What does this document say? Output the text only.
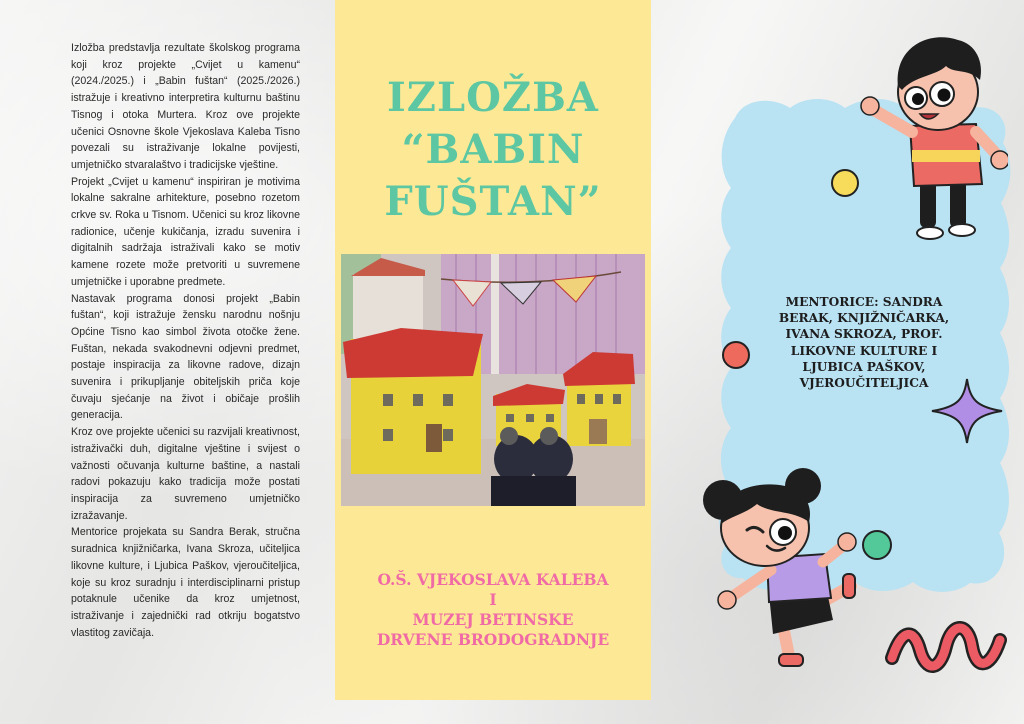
Izložba predstavlja rezultate školskog programa koji kroz projekte „Cvijet u kamenu“ (2024./2025.) i „Babin fuštan“ (2025./2026.) istražuje i kreativno interpretira kulturnu baštinu Tisnog i otoka Murtera. Kroz ove projekte učenici Osnovne škole Vjekoslava Kaleba Tisno povezali su istraživanje lokalne povijesti, umjetničko stvaralaštvo i tradicijske vještine.

Projekt „Cvijet u kamenu“ inspiriran je motivima lokalne sakralne arhitekture, posebno rozetom crkve sv. Roka u Tisnom. Učenici su kroz likovne radionice, učenje kukičanja, izradu suvenira i digitalnih sadržaja istraživali kako se motiv kamene rozete može pretvoriti u suvremene umjetničke i uporabne predmete.

Nastavak programa donosi projekt „Babin fuštan“, koji istražuje žensku narodnu nošnju Općine Tisno kao simbol života otočke žene. Fuštan, nekada svakodnevni odjevni predmet, postaje inspiracija za likovne radove, dizajn suvenira i prikupljanje obiteljskih priča koje čuvaju sjećanje na život i običaje prošlih generacija.

Kroz ove projekte učenici su razvijali kreativnost, istraživački duh, digitalne vještine i svijest o važnosti očuvanja kulturne baštine, a nastali radovi pokazuju kako tradicija može postati inspiracija za suvremeno umjetničko izražavanje.

Mentorice projekata su Sandra Berak, stručna suradnica knjižničarka, Ivana Skroza, učiteljica likovne kulture, i Ljubica Paškov, vjeroučiteljica, koje su kroz suradnju i interdisciplinarni pristup potaknule učenike da kroz umjetnost, istraživanje i zajednički rad otkriju bogatstvo vlastitog zavičaja.

IZLOŽBA
“BABIN
FUŠTAN”
O.Š. VJEKOSLAVA KALEBA
I
MUZEJ BETINSKE
DRVENE BRODOGRADNJE
MENTORICE: SANDRA BERAK, KNJIŽNIČARKA, IVANA SKROZA, PROF. LIKOVNE KULTURE I LJUBICA PAŠKOV, VJEROUČITELJICA
